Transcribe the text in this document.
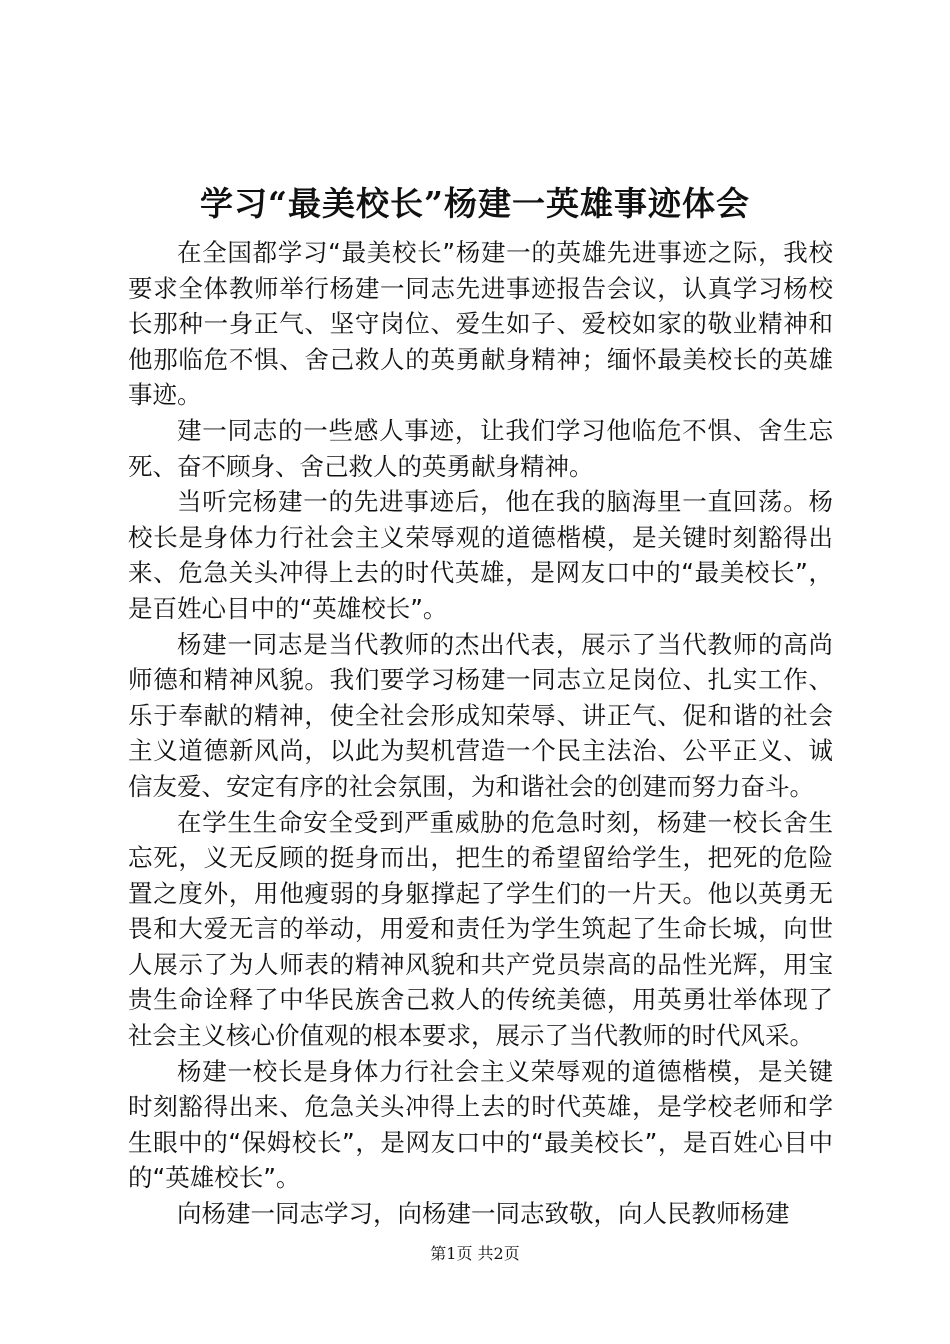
学习“最美校长”杨建一英雄事迹体会

在全国都学习“最美校长”杨建一的英雄先进事迹之际，我校要求全体教师举行杨建一同志先进事迹报告会议，认真学习杨校长那种一身正气、坚守岗位、爱生如子、爱校如家的敬业精神和他那临危不惧、舍己救人的英勇献身精神；缅怀最美校长的英雄事迹。

建一同志的一些感人事迹，让我们学习他临危不惧、舍生忘死、奋不顾身、舍己救人的英勇献身精神。

当听完杨建一的先进事迹后，他在我的脑海里一直回荡。杨校长是身体力行社会主义荣辱观的道德楷模，是关键时刻豁得出来、危急关头冲得上去的时代英雄，是网友口中的“最美校长”，是百姓心目中的“英雄校长”。

杨建一同志是当代教师的杰出代表，展示了当代教师的高尚师德和精神风貌。我们要学习杨建一同志立足岗位、扎实工作、乐于奉献的精神，使全社会形成知荣辱、讲正气、促和谐的社会主义道德新风尚，以此为契机营造一个民主法治、公平正义、诚信友爱、安定有序的社会氛围，为和谐社会的创建而努力奋斗。

在学生生命安全受到严重威胁的危急时刻，杨建一校长舍生忘死，义无反顾的挺身而出，把生的希望留给学生，把死的危险置之度外，用他瘦弱的身躯撑起了学生们的一片天。他以英勇无畏和大爱无言的举动，用爱和责任为学生筑起了生命长城，向世人展示了为人师表的精神风貌和共产党员崇高的品性光辉，用宝贵生命诠释了中华民族舍己救人的传统美德，用英勇壮举体现了社会主义核心价值观的根本要求，展示了当代教师的时代风采。

杨建一校长是身体力行社会主义荣辱观的道德楷模，是关键时刻豁得出来、危急关头冲得上去的时代英雄，是学校老师和学生眼中的“保姆校长”，是网友口中的“最美校长”，是百姓心目中的“英雄校长”。

向杨建一同志学习，向杨建一同志致敬，向人民教师杨建

第1页 共2页
